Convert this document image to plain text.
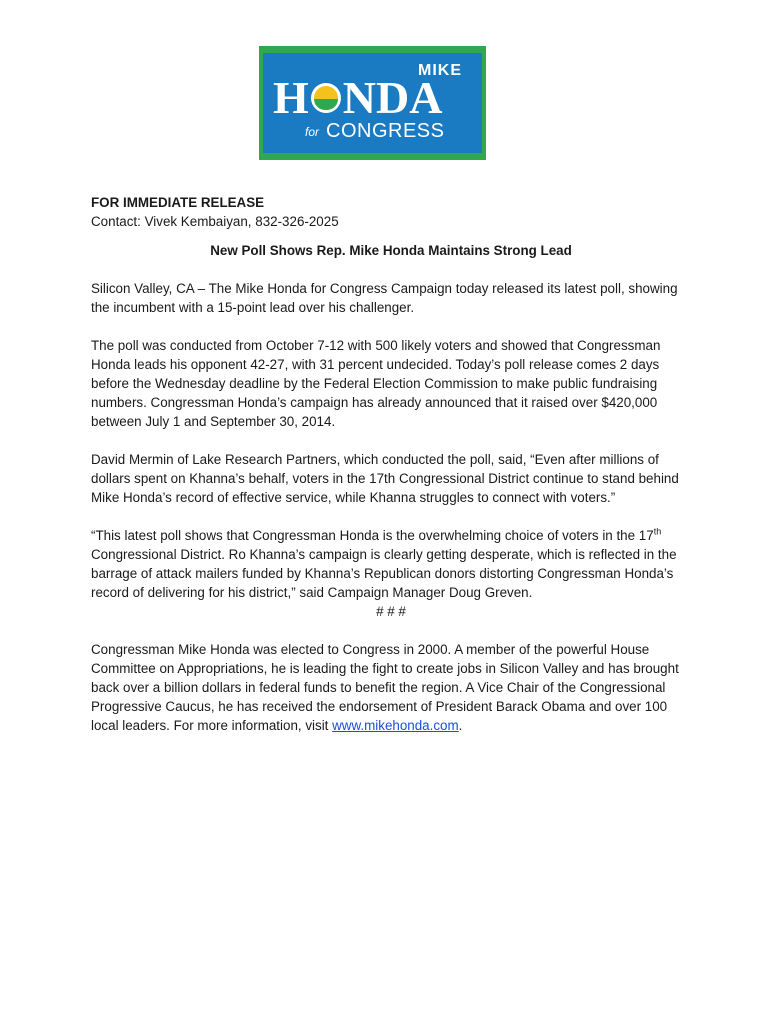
MIKE
H NDA
for CONGRESS

FOR IMMEDIATE RELEASE

Contact: Vivek Kembaiyan, 832-326-2025

New Poll Shows Rep. Mike Honda Maintains Strong Lead

Silicon Valley, CA – The Mike Honda for Congress Campaign today released its latest poll, showing the incumbent with a 15-point lead over his challenger.

The poll was conducted from October 7-12 with 500 likely voters and showed that Congressman Honda leads his opponent 42-27, with 31 percent undecided. Today’s poll release comes 2 days before the Wednesday deadline by the Federal Election Commission to make public fundraising numbers. Congressman Honda’s campaign has already announced that it raised over $420,000 between July 1 and September 30, 2014.

David Mermin of Lake Research Partners, which conducted the poll, said, “Even after millions of dollars spent on Khanna’s behalf, voters in the 17th Congressional District continue to stand behind Mike Honda’s record of effective service, while Khanna struggles to connect with voters.”

“This latest poll shows that Congressman Honda is the overwhelming choice of voters in the 17th Congressional District. Ro Khanna’s campaign is clearly getting desperate, which is reflected in the barrage of attack mailers funded by Khanna’s Republican donors distorting Congressman Honda’s record of delivering for his district,” said Campaign Manager Doug Greven.

# # #

Congressman Mike Honda was elected to Congress in 2000. A member of the powerful House Committee on Appropriations, he is leading the fight to create jobs in Silicon Valley and has brought back over a billion dollars in federal funds to benefit the region. A Vice Chair of the Congressional Progressive Caucus, he has received the endorsement of President Barack Obama and over 100 local leaders. For more information, visit www.mikehonda.com.
